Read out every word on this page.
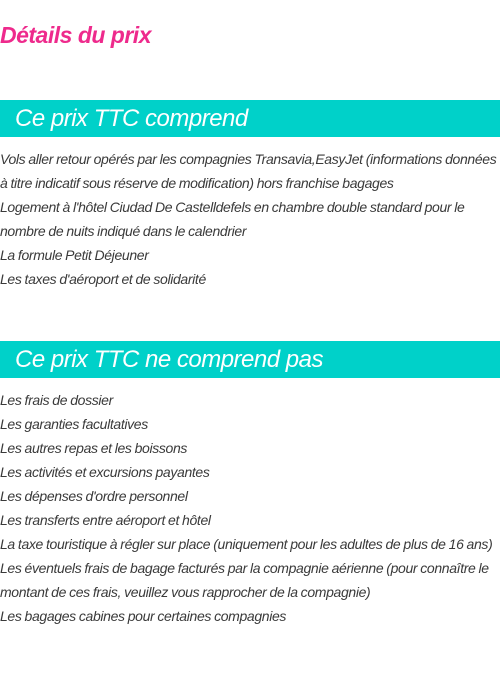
Détails du prix
Ce prix TTC comprend
Vols aller retour opérés par les compagnies Transavia,EasyJet (informations données à titre indicatif sous réserve de modification) hors franchise bagages
Logement à l'hôtel Ciudad De Castelldefels en chambre double standard pour le nombre de nuits indiqué dans le calendrier
La formule Petit Déjeuner
Les taxes d'aéroport et de solidarité
Ce prix TTC ne comprend pas
Les frais de dossier
Les garanties facultatives
Les autres repas et les boissons
Les activités et excursions payantes
Les dépenses d'ordre personnel
Les transferts entre aéroport et hôtel
La taxe touristique à régler sur place (uniquement pour les adultes de plus de 16 ans)
Les éventuels frais de bagage facturés par la compagnie aérienne (pour connaître le montant de ces frais, veuillez vous rapprocher de la compagnie)
Les bagages cabines pour certaines compagnies
